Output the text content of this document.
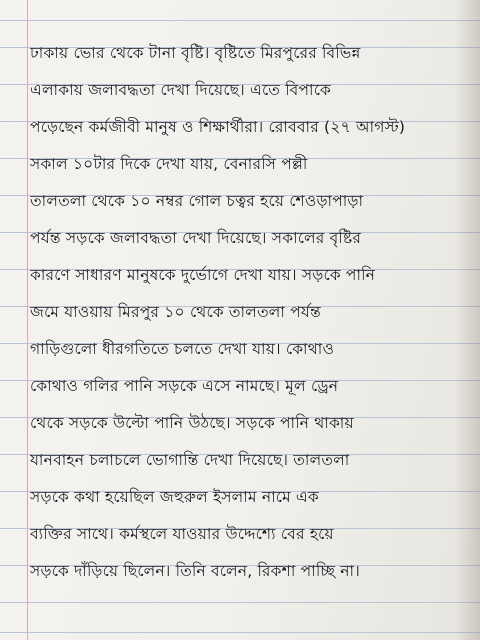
ঢাকায় ভোর থেকে টানা বৃষ্টি। বৃষ্টিতে মিরপুরের বিভিন্ন
এলাকায় জলাবদ্ধতা দেখা দিয়েছে। এতে বিপাকে
পড়েছেন কর্মজীবী মানুষ ও শিক্ষার্থীরা। রোববার (২৭ আগস্ট)
সকাল ১০টার দিকে দেখা যায়, বেনারসি পল্লী
তালতলা থেকে ১০ নম্বর গোল চত্বর হয়ে শেওড়াপাড়া
পর্যন্ত সড়কে জলাবদ্ধতা দেখা দিয়েছে। সকালের বৃষ্টির
কারণে সাধারণ মানুষকে দুর্ভোগে দেখা যায়। সড়কে পানি
জমে যাওয়ায় মিরপুর ১০ থেকে তালতলা পর্যন্ত
গাড়িগুলো ধীরগতিতে চলতে দেখা যায়। কোথাও
কোথাও গলির পানি সড়কে এসে নামছে। মূল ড্রেন
থেকে সড়কে উল্টো পানি উঠছে। সড়কে পানি থাকায়
যানবাহন চলাচলে ভোগান্তি দেখা দিয়েছে। তালতলা
সড়কে কথা হয়েছিল জহুরুল ইসলাম নামে এক
ব্যক্তির সাথে। কর্মস্থলে যাওয়ার উদ্দেশ্যে বের হয়ে
সড়কে দাঁড়িয়ে ছিলেন। তিনি বলেন, রিকশা পাচ্ছি না।
